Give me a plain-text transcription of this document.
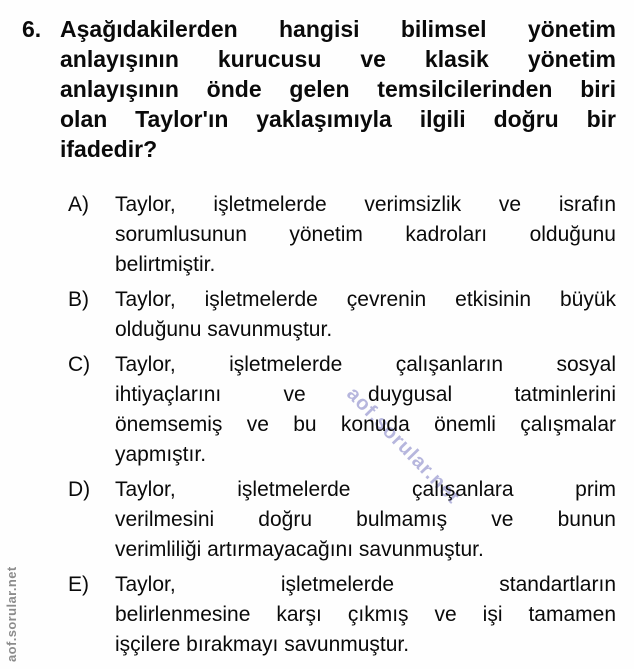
aof.sorular.net
aof.sorular.net
6. Aşağıdakilerden hangisi bilimsel yönetim
anlayışının kurucusu ve klasik yönetim
anlayışının önde gelen temsilcilerinden biri
olan Taylor'ın yaklaşımıyla ilgili doğru bir
ifadedir?
A)	Taylor, işletmelerde verimsizlik ve israfın
sorumlusunun yönetim kadroları olduğunu
belirtmiştir.
B)	Taylor, işletmelerde çevrenin etkisinin büyük
olduğunu savunmuştur.
C)	Taylor, işletmelerde çalışanların sosyal
ihtiyaçlarını ve duygusal tatminlerini
önemsemiş ve bu konuda önemli çalışmalar
yapmıştır.
D)	Taylor, işletmelerde çalışanlara prim
verilmesini doğru bulmamış ve bunun
verimliliği artırmayacağını savunmuştur.
E)	Taylor, işletmelerde standartların
belirlenmesine karşı çıkmış ve işi tamamen
işçilere bırakmayı savunmuştur.
